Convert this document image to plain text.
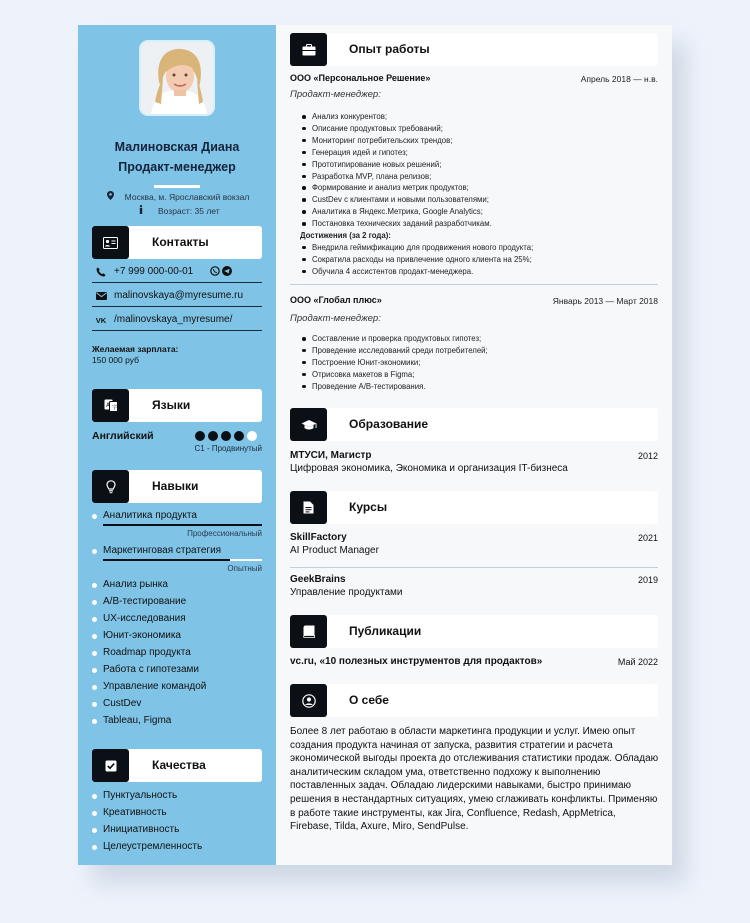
Малиновская Диана
Продакт-менеджер
Москва, м. Ярославский вокзал
Возраст: 35 лет
Контакты
+7 999 000-00-01
malinovskaya@myresume.ru
VK /malinovskaya_myresume/
Желаемая зарплата:
150 000 руб
A 字	Языки
Английский
C1 - Продвинутый
Навыки
Аналитика продукта
Профессиональный
Маркетинговая стратегия
Опытный
Анализ рынка
A/B-тестирование
UX-исследования
Юнит-экономика
Roadmap продукта
Работа с гипотезами
Управление командой
CustDev
Tableau, Figma
Качества
Пунктуальность
Креативность
Инициативность
Целеустремленность
Опыт работы
ООО «Персональное Решение»	Апрель 2018 — н.в.
Продакт-менеджер:
Анализ конкурентов;
Описание продуктовых требований;
Мониторинг потребительских трендов;
Генерация идей и гипотез;
Прототипирование новых решений;
Разработка MVP, плана релизов;
Формирование и анализ метрик продуктов;
CustDev с клиентами и новыми пользователями;
Аналитика в Яндекс.Метрика, Google Analytics;
Постановка технических заданий разработчикам.
Достижения (за 2 года):
Внедрила геймификацию для продвижения нового продукта;
Сократила расходы на привлечение одного клиента на 25%;
Обучила 4 ассистентов продакт-менеджера.
ООО «Глобал плюс»	Январь 2013 — Март 2018
Продакт-менеджер:
Составление и проверка продуктовых гипотез;
Проведение исследований среди потребителей;
Построение Юнит-экономики;
Отрисовка макетов в Figma;
Проведение A/B-тестирования.
Образование
МТУСИ, Магистр	2012
Цифровая экономика, Экономика и организация IT-бизнеса
Курсы
SkillFactory	2021
AI Product Manager
GeekBrains	2019
Управление продуктами
Публикации
vc.ru, «10 полезных инструментов для продактов»	Май 2022
О себе
Более 8 лет работаю в области маркетинга продукции и услуг. Имею опыт создания продукта начиная от запуска, развития стратегии и расчета экономической выгоды проекта до отслеживания статистики продаж. Обладаю аналитическим складом ума, ответственно подхожу к выполнению поставленных задач. Обладаю лидерскими навыками, быстро принимаю решения в нестандартных ситуациях, умею сглаживать конфликты. Применяю в работе такие инструменты, как Jira, Confluence, Redash, AppMetrica, Firebase, Tilda, Axure, Miro, SendPulse.
